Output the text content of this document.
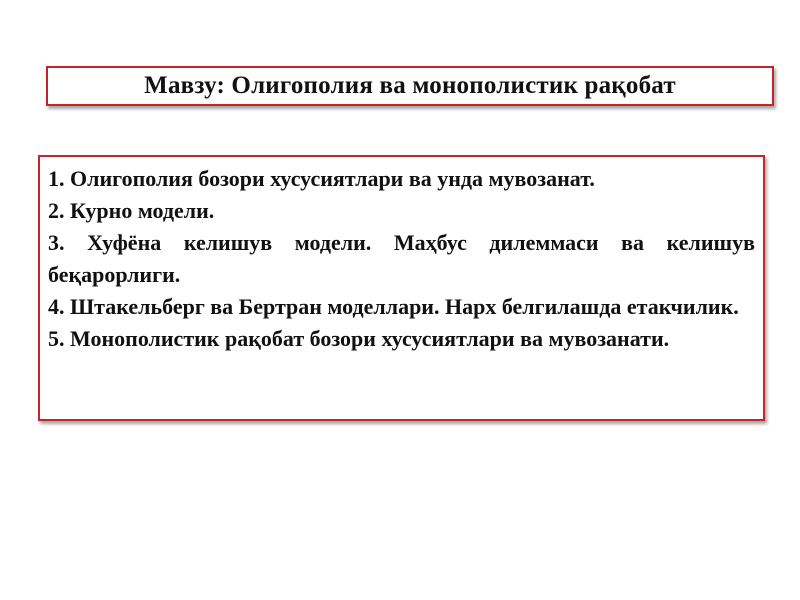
Мавзу: Олигополия ва монополистик рақобат

1. Олигополия бозори хусусиятлари ва унда мувозанат.

2. Курно модели.

3. Хуфёна келишув модели. Маҳбус дилеммаси ва келишув беқарорлиги.

4. Штакельберг ва Бертран моделлари. Нарх белгилашда етакчилик.

5. Монополистик рақобат бозори хусусиятлари ва мувозанати.
